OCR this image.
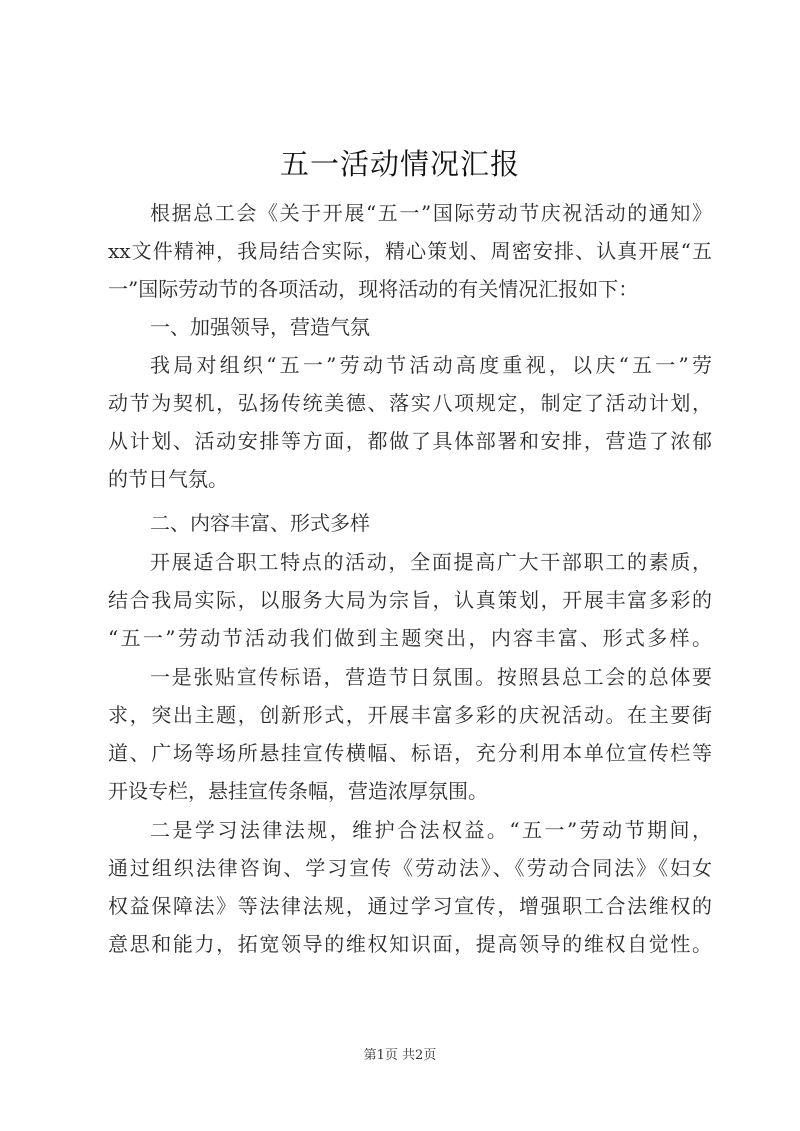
五一活动情况汇报
根据总工会《关于开展“五一”国际劳动节庆祝活动的通知》
xx文件精神，我局结合实际，精心策划、周密安排、认真开展“五
一”国际劳动节的各项活动，现将活动的有关情况汇报如下：
一、加强领导，营造气氛
我局对组织“五一”劳动节活动高度重视，以庆“五一”劳
动节为契机，弘扬传统美德、落实八项规定，制定了活动计划，
从计划、活动安排等方面，都做了具体部署和安排，营造了浓郁
的节日气氛。
二、内容丰富、形式多样
开展适合职工特点的活动，全面提高广大干部职工的素质，
结合我局实际，以服务大局为宗旨，认真策划，开展丰富多彩的
“五一”劳动节活动我们做到主题突出，内容丰富、形式多样。
一是张贴宣传标语，营造节日氛围。按照县总工会的总体要
求，突出主题，创新形式，开展丰富多彩的庆祝活动。在主要街
道、广场等场所悬挂宣传横幅、标语，充分利用本单位宣传栏等
开设专栏，悬挂宣传条幅，营造浓厚氛围。
二是学习法律法规，维护合法权益。“五一”劳动节期间，
通过组织法律咨询、学习宣传《劳动法》、《劳动合同法》《妇女
权益保障法》等法律法规，通过学习宣传，增强职工合法维权的
意思和能力，拓宽领导的维权知识面，提高领导的维权自觉性。
第1页 共2页
